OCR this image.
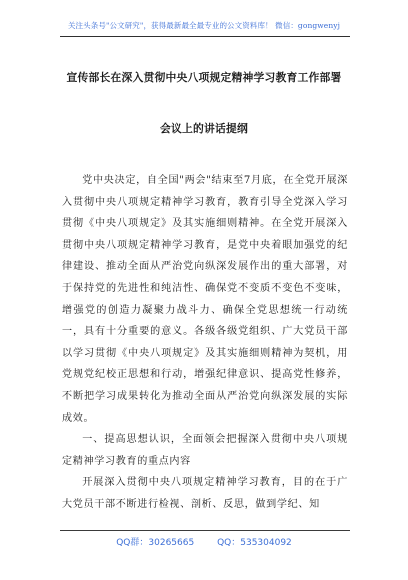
关注头条号"公文研究"，获得最新最全最专业的公文资料库！ 微信：gongwenyj
宣传部长在深入贯彻中央八项规定精神学习教育工作部署
会议上的讲话提纲

党中央决定，自全国"两会"结束至7月底，在全党开展深入贯彻中央八项规定精神学习教育，教育引导全党深入学习贯彻《中央八项规定》及其实施细则精神。在全党开展深入贯彻中央八项规定精神学习教育，是党中央着眼加强党的纪律建设、推动全面从严治党向纵深发展作出的重大部署，对于保持党的先进性和纯洁性、确保党不变质不变色不变味，增强党的创造力凝聚力战斗力、确保全党思想统一行动统一，具有十分重要的意义。各级各级党组织、广大党员干部以学习贯彻《中央八项规定》及其实施细则精神为契机，用党规党纪校正思想和行动，增强纪律意识、提高党性修养，不断把学习成果转化为推动全面从严治党向纵深发展的实际成效。

一、提高思想认识，全面领会把握深入贯彻中央八项规定精神学习教育的重点内容

开展深入贯彻中央八项规定精神学习教育，目的在于广大党员干部不断进行检视、剖析、反思，做到学纪、知

QQ群：30265665	QQ：535304092
